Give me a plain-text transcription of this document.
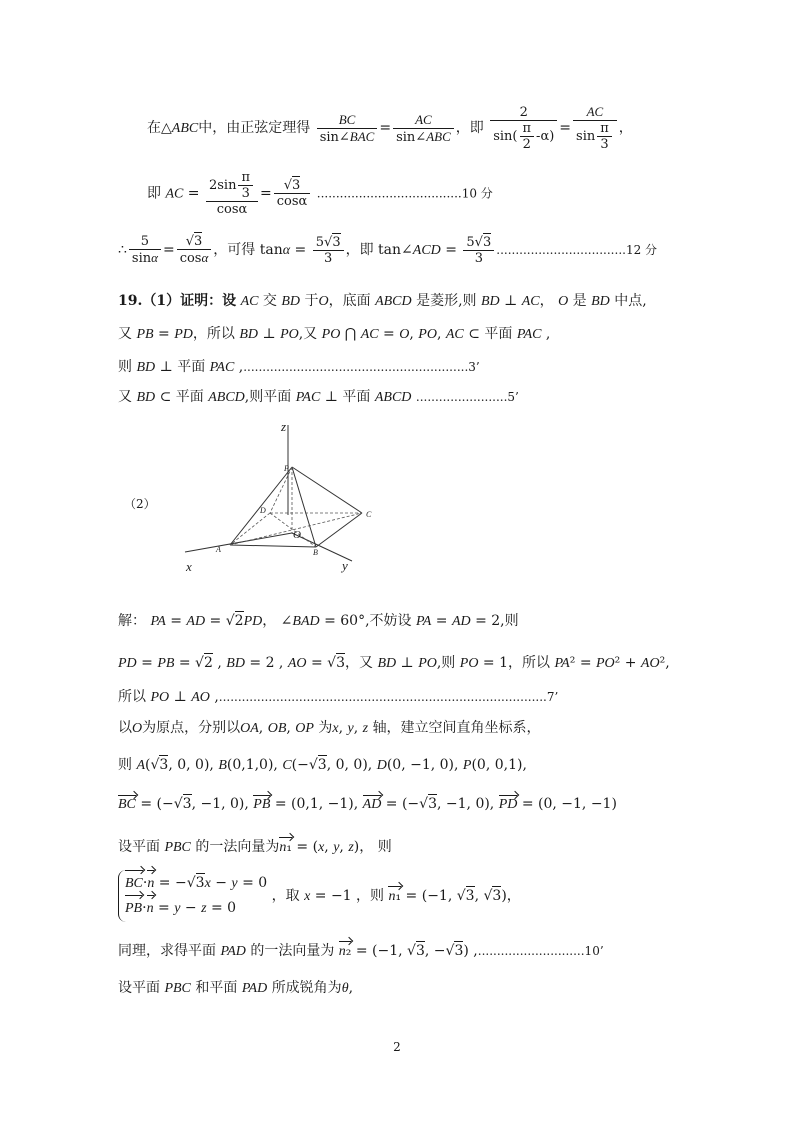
在△ABC中，由正弦定理得 $\frac{BC}{\text{sin∠BAC}} = \frac{AC}{\text{sin∠ABC}}$ ，即 $\frac{2}{\sin( \frac{\pi}{2} -\alpha)} = \frac{AC}{\sin \frac{\pi}{3}}$ ，
即 AC = $\frac{2\sin \frac{\pi}{3}}{\cos\alpha} = \frac{√3}{\cos\alpha} ......................................10$ 分
∴ $\frac{5}{\sin\alpha} = \frac{√3}{\cos\alpha}$ ，可得 $\tan\alpha = \frac{5√3}{3}$ ，即 tan∠ACD = $\frac{5√3}{3} ..................................12$ 分
19.（1）证明：设 AC 交 BD 于O，底面 ABCD 是菱形,则 BD ⊥ AC， O 是 BD 中点,
又 PB = PD，所以 BD ⊥ PO,又 PO ⋂ AC = O, PO, AC ⊂ 平面 PAC ,
则 BD ⊥ 平面 PAC ,...........................................................3’
又 BD ⊂ 平面 ABCD,则平面 PAC ⊥ 平面 ABCD ........................5’
（2）
z
P
D	C
O
A	B
x	y
解： PA = AD = √2PD， ∠BAD = 60°,不妨设 PA = AD = 2,则
PD = PB = √2 , BD = 2 , AO = √3，又 BD ⊥ PO,则 PO = 1，所以 PA² = PO² + AO²,
所以 PO ⊥ AO ,......................................................................................7’
以O为原点，分别以OA, OB, OP 为x, y, z 轴，建立空间直角坐标系，
则 A(√3, 0, 0), B(0,1,0), C(−√3, 0, 0), D(0, −1, 0), P(0, 0,1),
BC = (−√3, −1, 0), PB = (0,1, −1), AD = (−√3, −1, 0), PD = (0, −1, −1)
设平面 PBC 的一法向量为n₁ = (x, y, z)， 则
BC·n = −√3x − y = 0
PB·n = y − z = 0 ，取 x = −1 ，则 n₁ = (−1, √3, √3)，
同理，求得平面 PAD 的一法向量为 n₂ = (−1, √3, −√3) ,............................10’
设平面 PBC 和平面 PAD 所成锐角为θ,
2
